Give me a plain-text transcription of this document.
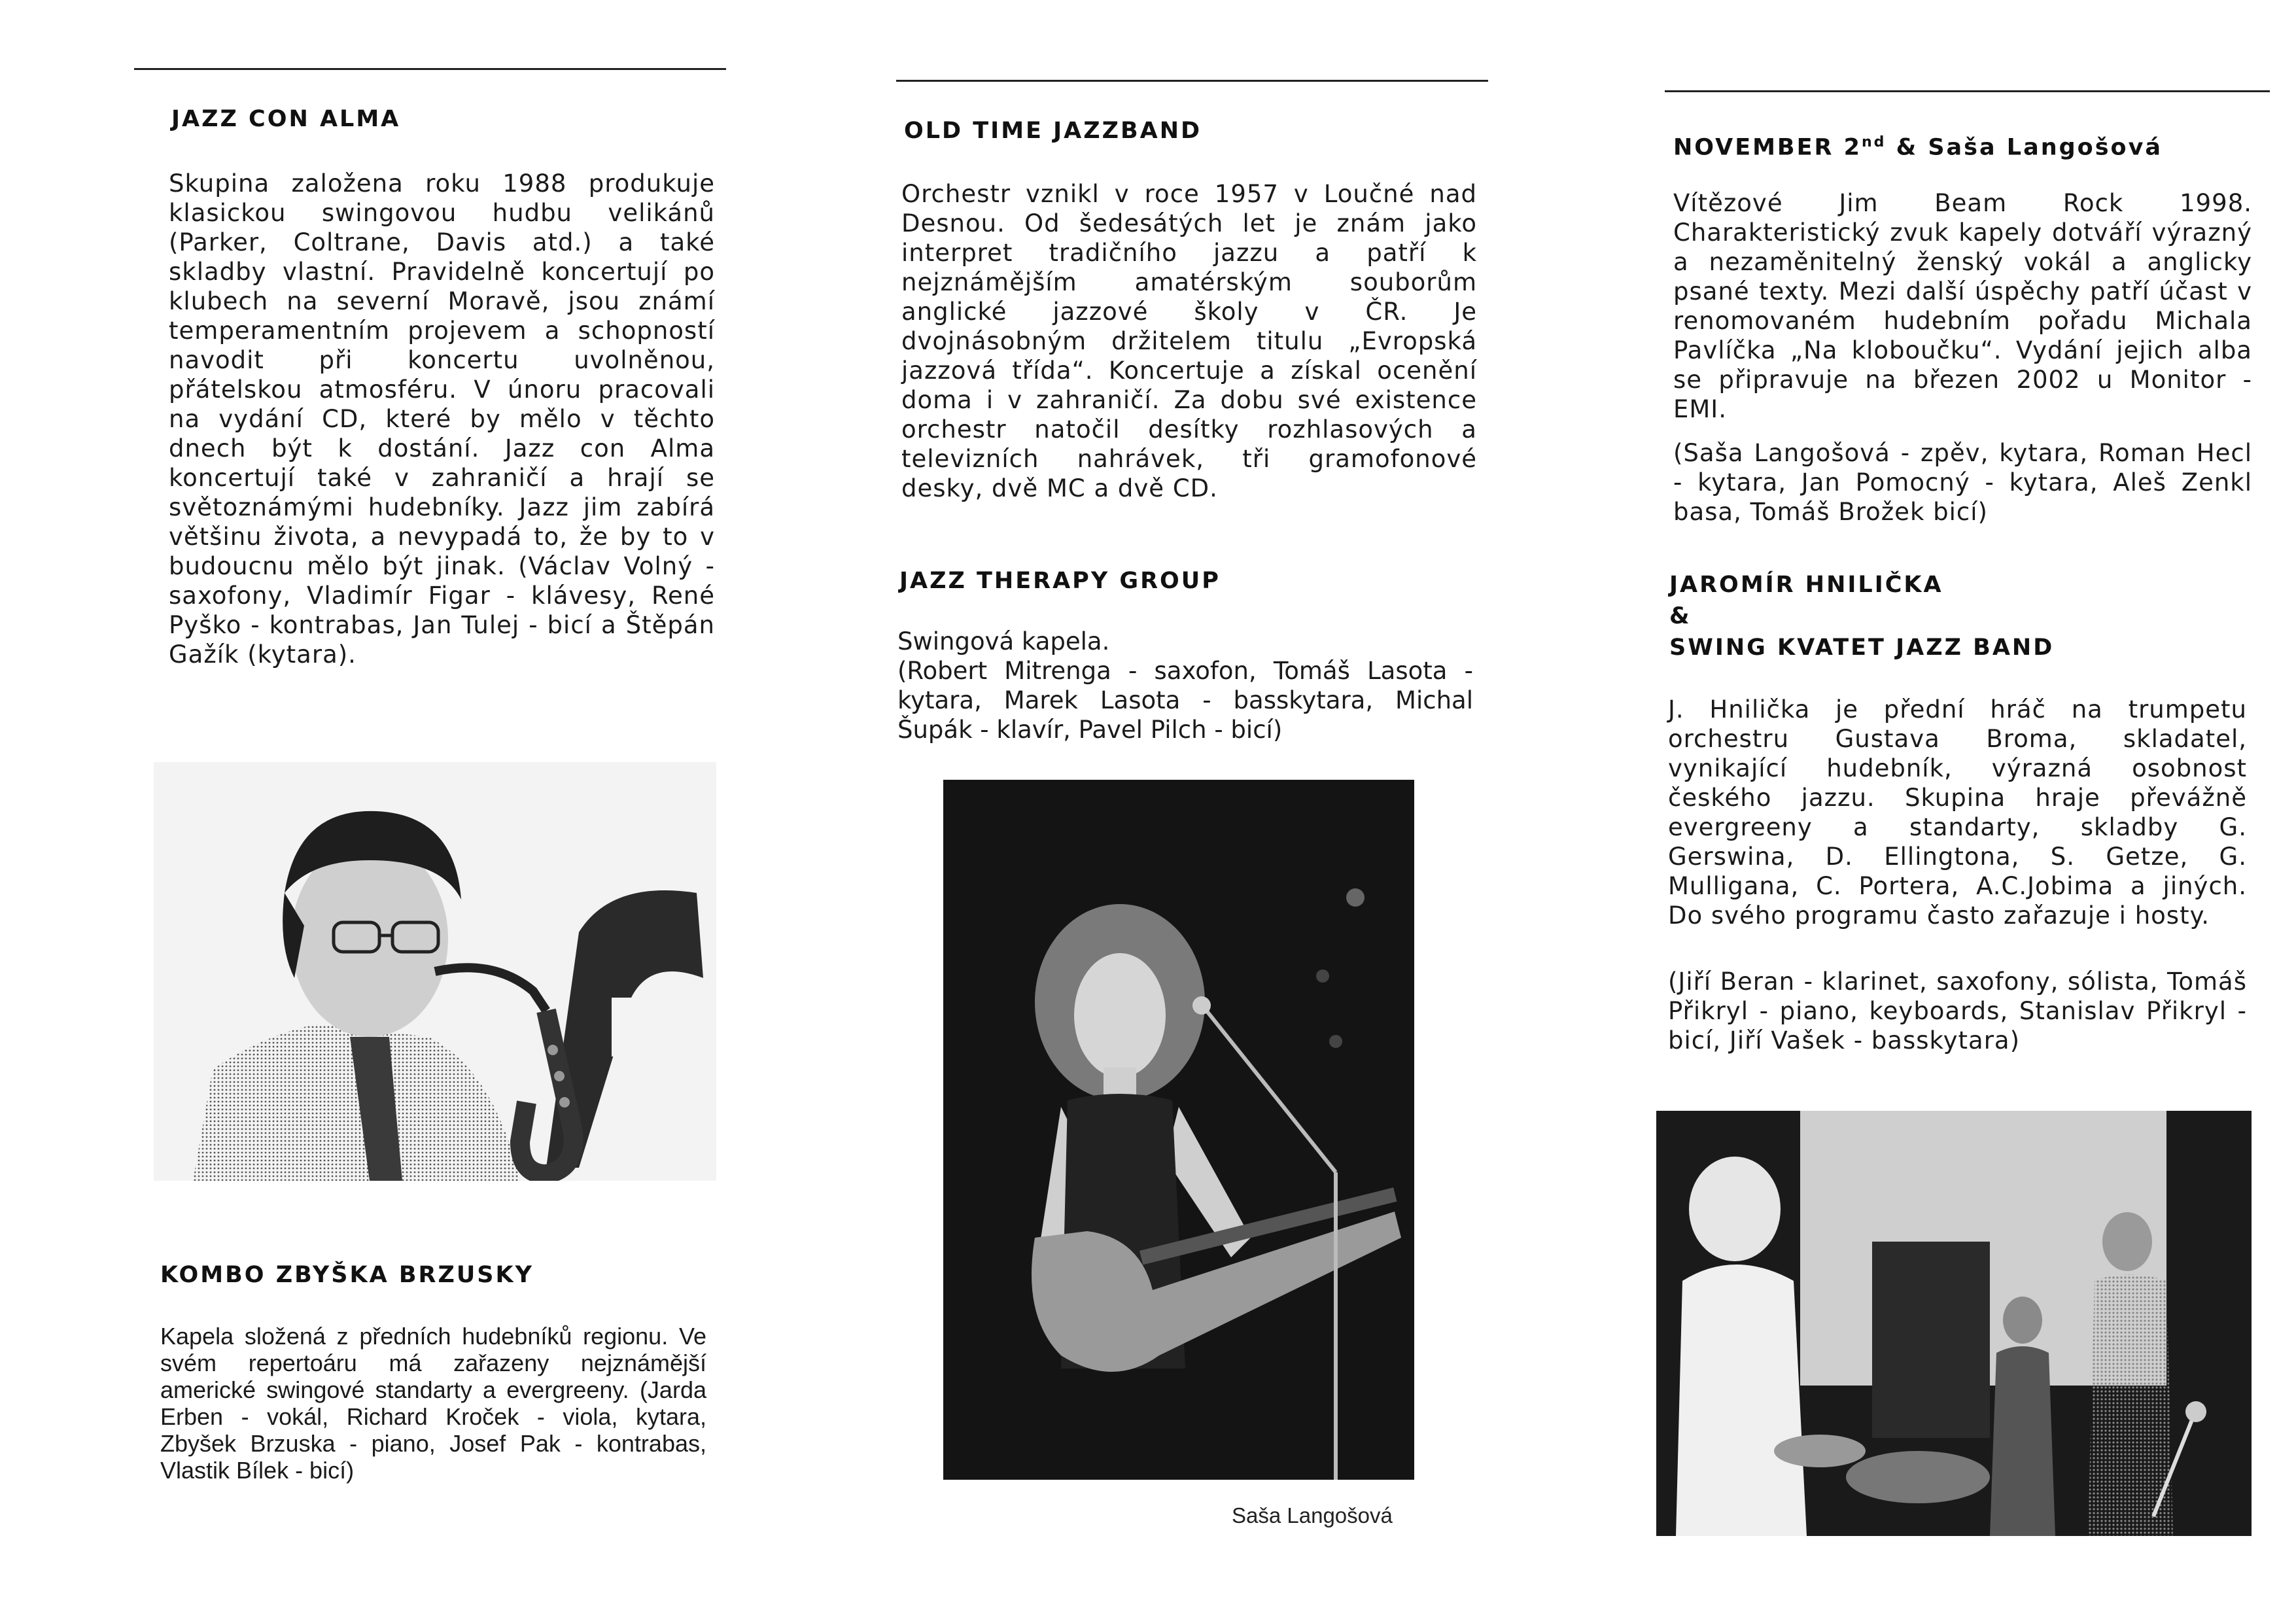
JAZZ CON ALMA

Skupina založena roku 1988 produkuje klasickou swingovou hudbu velikánů (Parker, Coltrane, Davis atd.) a také skladby vlastní. Pravidelně koncertují po klubech na severní Moravě, jsou známí temperamentním projevem a schopností navodit při koncertu uvolněnou, přátelskou atmosféru. V únoru pracovali na vydání CD, které by mělo v těchto dnech být k dostání. Jazz con Alma koncertují také v zahraničí a hrají se světoznámými hudebníky. Jazz jim zabírá většinu života, a nevypadá to, že by to v budoucnu mělo být jinak. (Václav Volný - saxofony, Vladimír Figar - klávesy, René Pyško - kontrabas, Jan Tulej - bicí a Štěpán Gažík (kytara).

KOMBO ZBYŠKA BRZUSKY

Kapela složená z předních hudebníků regionu. Ve svém repertoáru má zařazeny nejznámější americké swingové standarty a evergreeny. (Jarda Erben - vokál, Richard Kroček - viola, kytara, Zbyšek Brzuska - piano, Josef Pak - kontrabas, Vlastik Bílek - bicí)

OLD TIME JAZZBAND

Orchestr vznikl v roce 1957 v Loučné nad Desnou. Od šedesátých let je znám jako interpret tradičního jazzu a patří k nejznámějším amatérským souborům anglické jazzové školy v ČR. Je dvojnásobným držitelem titulu „Evropská jazzová třída“. Koncertuje a získal ocenění doma i v zahraničí. Za dobu své existence orchestr natočil desítky rozhlasových a televizních nahrávek, tři gramofonové desky, dvě MC a dvě CD.

JAZZ THERAPY GROUP

Swingová kapela.

(Robert Mitrenga - saxofon, Tomáš Lasota - kytara, Marek Lasota - basskytara, Michal Šupák - klavír, Pavel Pilch - bicí)

Saša Langošová

NOVEMBER 2nd & Saša Langošová

Vítězové Jim Beam Rock 1998. Charakteristický zvuk kapely dotváří výrazný a nezaměnitelný ženský vokál a anglicky psané texty. Mezi další úspěchy patří účast v renomovaném hudebním pořadu Michala Pavlíčka „Na kloboučku“. Vydání jejich alba se připravuje na březen 2002 u Monitor - EMI.

(Saša Langošová - zpěv, kytara, Roman Hecl - kytara, Jan Pomocný - kytara, Aleš Zenkl basa, Tomáš Brožek bicí)

JAROMÍR HNILIČKA
&
SWING KVATET JAZZ BAND

J. Hnilička je přední hráč na trumpetu orchestru Gustava Broma, skladatel, vynikající hudebník, výrazná osobnost českého jazzu. Skupina hraje převážně evergreeny a standarty, skladby G. Gerswina, D. Ellingtona, S. Getze, G. Mulligana, C. Portera, A.C.Jobima a jiných. Do svého programu často zařazuje i hosty.

(Jiří Beran - klarinet, saxofony, sólista, Tomáš Přikryl - piano, keyboards, Stanislav Přikryl - bicí, Jiří Vašek - basskytara)
